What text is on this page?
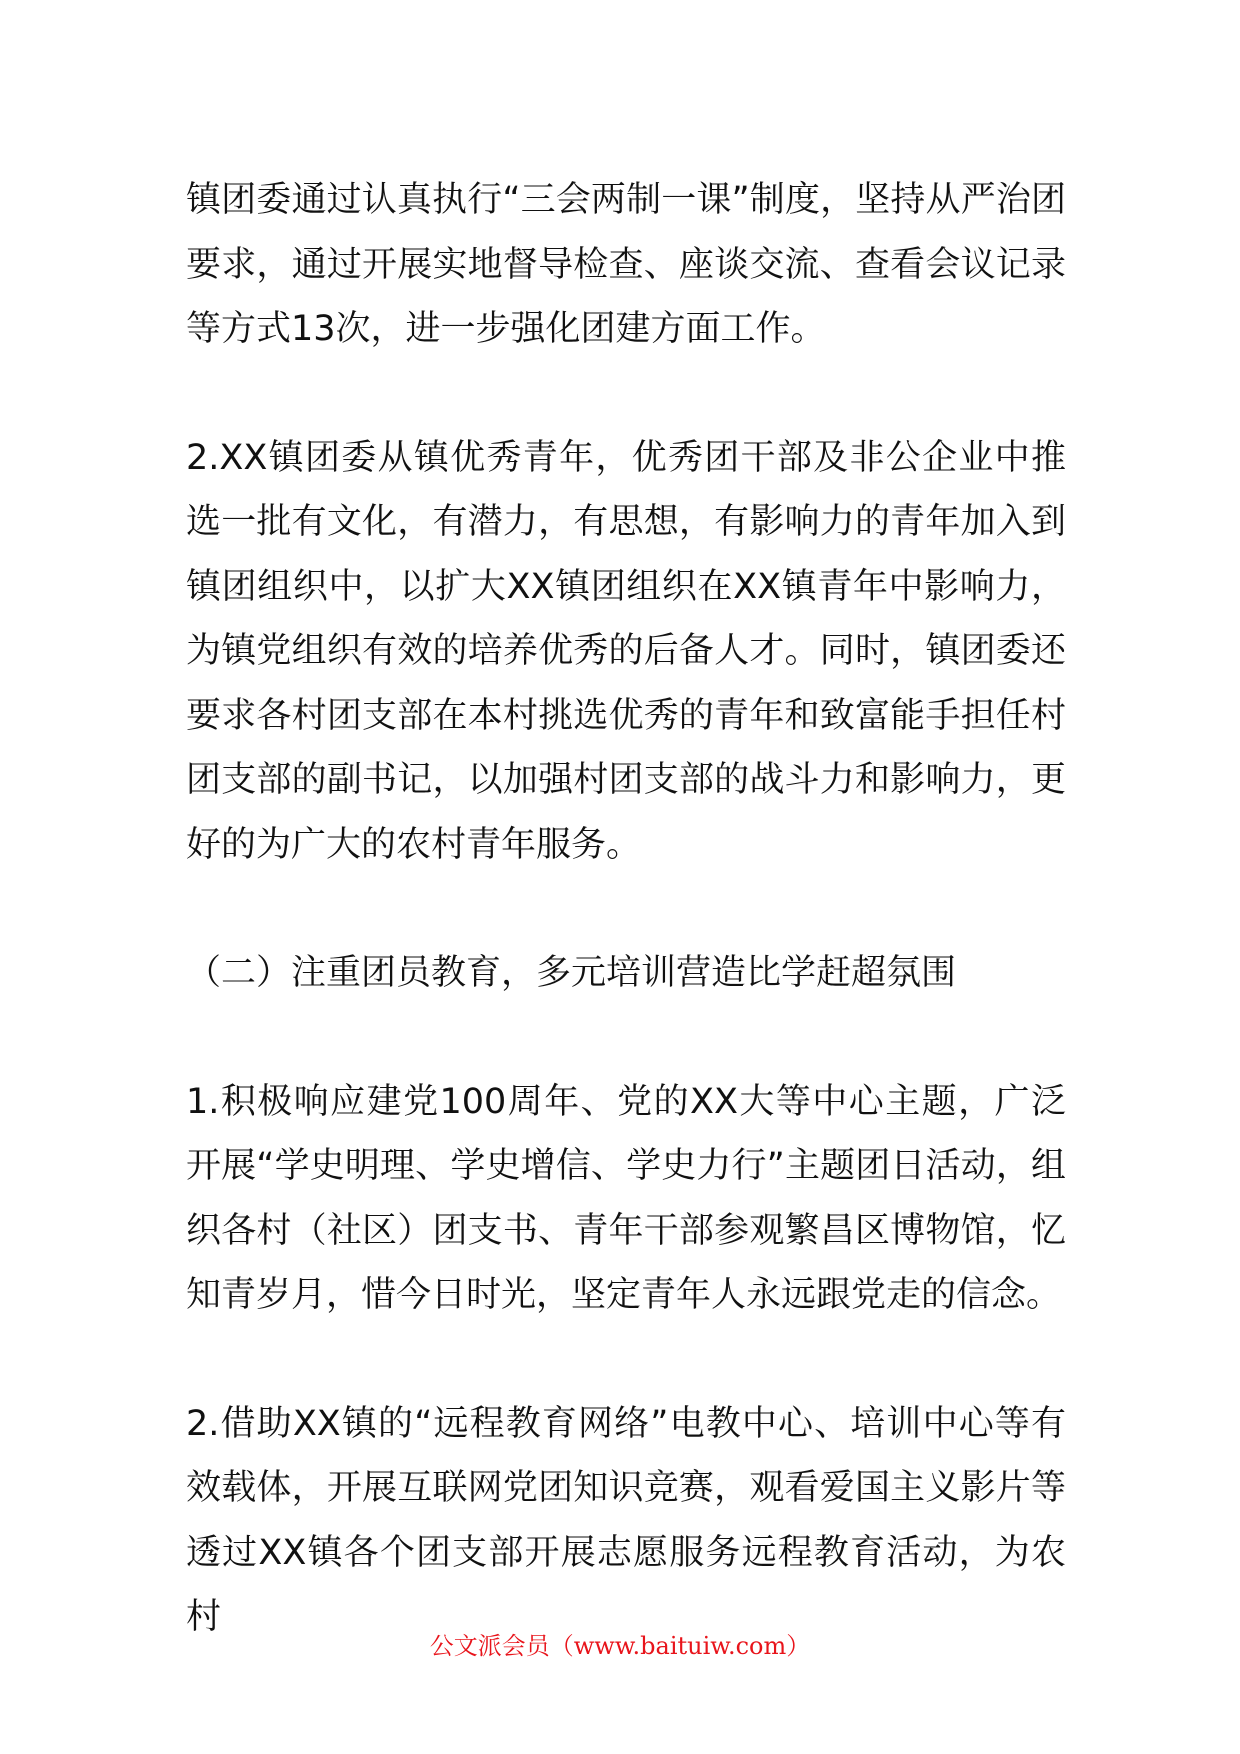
镇团委通过认真执行“三会两制一课”制度，坚持从严治团要求，通过开展实地督导检查、座谈交流、查看会议记录等方式13次，进一步强化团建方面工作。

2.XX镇团委从镇优秀青年，优秀团干部及非公企业中推选一批有文化，有潜力，有思想，有影响力的青年加入到镇团组织中，以扩大XX镇团组织在XX镇青年中影响力，为镇党组织有效的培养优秀的后备人才。同时，镇团委还要求各村团支部在本村挑选优秀的青年和致富能手担任村团支部的副书记，以加强村团支部的战斗力和影响力，更好的为广大的农村青年服务。

（二）注重团员教育，多元培训营造比学赶超氛围

1.积极响应建党100周年、党的XX大等中心主题，广泛开展“学史明理、学史增信、学史力行”主题团日活动，组织各村（社区）团支书、青年干部参观繁昌区博物馆，忆知青岁月，惜今日时光，坚定青年人永远跟党走的信念。

2.借助XX镇的“远程教育网络”电教中心、培训中心等有效载体，开展互联网党团知识竞赛，观看爱国主义影片等透过XX镇各个团支部开展志愿服务远程教育活动，为农村

公文派会员（www.baituiw.com）
